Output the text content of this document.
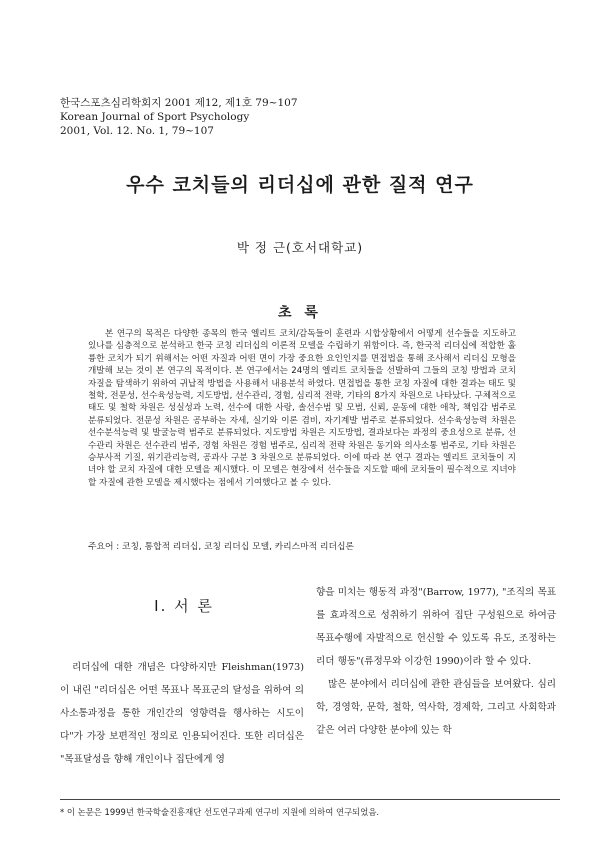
한국스포츠심리학회지 2001 제12, 제1호 79~107
Korean Journal of Sport Psychology
2001, Vol. 12. No. 1, 79~107
우수 코치들의 리더십에 관한 질적 연구
박 정 근(호서대학교)
초 록
본 연구의 목적은 다양한 종목의 한국 엘리트 코치/감독들이 훈련과 시합상황에서 어떻게 선수들을 지도하고 있나를 심층적으로 분석하고 한국 코칭 리더십의 이론적 모델을 수립하기 위함이다. 즉, 한국적 리더십에 적합한 훌륭한 코치가 되기 위해서는 어떤 자질과 어떤 면이 가장 중요한 요인인지를 면접법을 통해 조사해서 리더십 모형을 개발해 보는 것이 본 연구의 목적이다. 본 연구에서는 24명의 엘리트 코치들을 선발하여 그들의 코칭 방법과 코치 자질을 탐색하기 위하여 귀납적 방법을 사용해서 내용분석 하였다. 면접법을 통한 코칭 자질에 대한 결과는 태도 및 철학, 전문성, 선수육성능력, 지도방법, 선수관리, 경험, 심리적 전략, 기타의 8가지 차원으로 나타났다. 구체적으로 태도 및 철학 차원은 성실성과 노력, 선수에 대한 사랑, 솔선수범 및 모범, 신뢰, 운동에 대한 애착, 책임감 범주로 분류되었다. 전문성 차원은 공부하는 자세, 실기와 이론 겸비, 자기계발 범주로 분류되었다. 선수육성능력 차원은 선수분석능력 및 발굴능력 범주로 분류되었다. 지도방법 차원은 지도방법, 결과보다는 과정의 중요성으로 분류, 선수관리 차원은 선수관리 범주, 경험 차원은 경험 범주로, 심리적 전략 차원은 동기와 의사소통 범주로, 기타 차원은 승부사적 기질, 위기관리능력, 공과사 구분 3 차원으로 분류되었다. 이에 따라 본 연구 결과는 엘리트 코치들이 지녀야 할 코치 자질에 대한 모델을 제시했다. 이 모델은 현장에서 선수들을 지도할 때에 코치들이 필수적으로 지녀야 할 자질에 관한 모델을 제시했다는 점에서 기여했다고 볼 수 있다.
주요어 : 코칭, 통합적 리더십, 코칭 리더십 모델, 카리스마적 리더십론
Ⅰ. 서 론

리더십에 대한 개념은 다양하지만 Fleishman(1973)이 내린 "리더십은 어떤 목표나 목표군의 달성을 위하여 의사소통과정을 통한 개인간의 영향력을 행사하는 시도이다"가 가장 보편적인 정의로 인용되어진다. 또한 리더십은 "목표달성을 향해 개인이나 집단에게 영

향을 미치는 행동적 과정"(Barrow, 1977), "조직의 목표를 효과적으로 성취하기 위하여 집단 구성원으로 하여금 목표수행에 자발적으로 헌신할 수 있도록 유도, 조정하는 리더 행동"(류정무와 이강헌 1990)이라 할 수 있다.

많은 분야에서 리더십에 관한 관심들을 보여왔다. 심리학, 경영학, 문학, 철학, 역사학, 경제학, 그리고 사회학과 같은 여러 다양한 분야에 있는 학

* 이 논문은 1999년 한국학술진흥재단 선도연구과제 연구비 지원에 의하여 연구되었음.
